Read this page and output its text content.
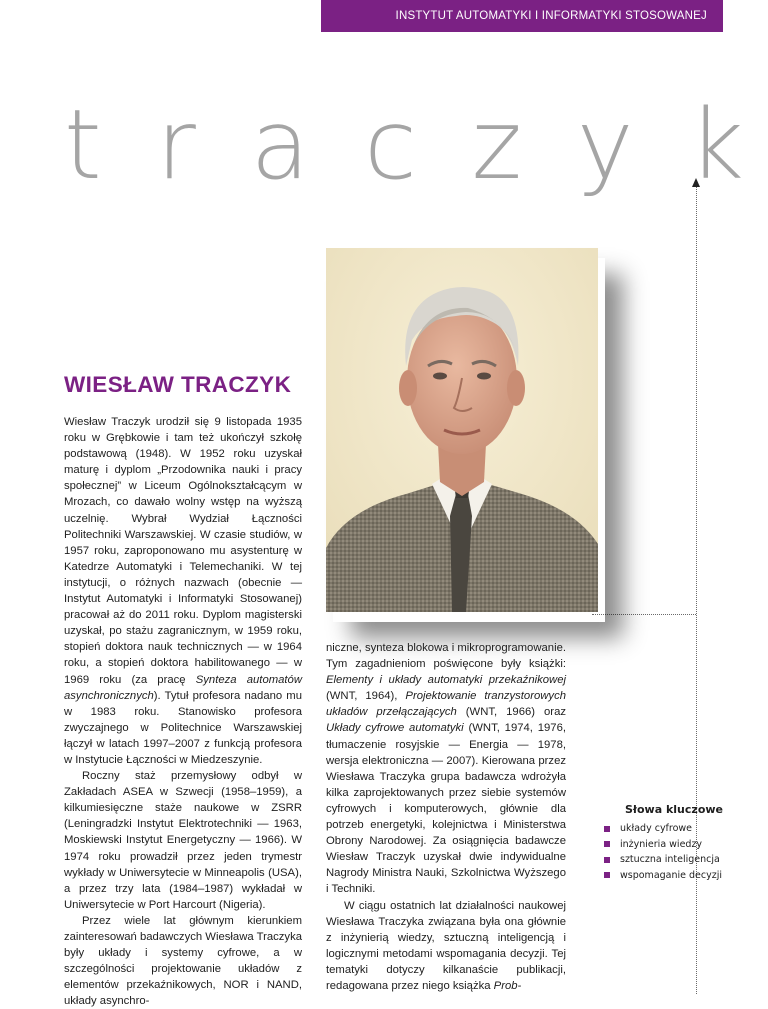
INSTYTUT AUTOMATYKI I INFORMATYKI STOSOWANEJ
t r a c z y k
WIESŁAW TRACZYK

Wiesław Traczyk urodził się 9 listopada 1935 roku w Grębkowie i tam też ukończył szkołę podstawową (1948). W 1952 roku uzyskał maturę i dyplom „Przodownika nauki i pracy społecznej” w Liceum Ogólnokształcącym w Mrozach, co dawało wolny wstęp na wyższą uczelnię. Wybrał Wydział Łączności Politechniki Warszawskiej. W czasie studiów, w 1957 roku, zaproponowano mu asystenturę w Katedrze Automatyki i Telemechaniki. W tej instytucji, o różnych nazwach (obecnie — Instytut Automatyki i Informatyki Stosowanej) pracował aż do 2011 roku. Dyplom magisterski uzyskał, po stażu zagranicznym, w 1959 roku, stopień doktora nauk technicznych — w 1964 roku, a stopień doktora habilitowanego — w 1969 roku (za pracę Synteza automatów asynchronicznych). Tytuł profesora nadano mu w 1983 roku. Stanowisko profesora zwyczajnego w Politechnice Warszawskiej łączył w latach 1997–2007 z funkcją profesora w Instytucie Łączności w Miedzeszynie.

Roczny staż przemysłowy odbył w Zakładach ASEA w Szwecji (1958–1959), a kilkumiesięczne staże naukowe w ZSRR (Leningradzki Instytut Elektrotechniki — 1963, Moskiewski Instytut Energetyczny — 1966). W 1974 roku prowadził przez jeden trymestr wykłady w Uniwersytecie w Minneapolis (USA), a przez trzy lata (1984–1987) wykładał w Uniwersytecie w Port Harcourt (Nigeria).

Przez wiele lat głównym kierunkiem zainteresowań badawczych Wiesława Traczyka były układy i systemy cyfrowe, a w szczególności projektowanie układów z elementów przekaźnikowych, NOR i NAND, układy asynchro-

niczne, synteza blokowa i mikroprogramowanie. Tym zagadnieniom poświęcone były książki: Elementy i układy automatyki przekaźnikowej (WNT, 1964), Projektowanie tranzystorowych układów przełączających (WNT, 1966) oraz Układy cyfrowe automatyki (WNT, 1974, 1976, tłumaczenie rosyjskie — Energia — 1978, wersja elektroniczna — 2007). Kierowana przez Wiesława Traczyka grupa badawcza wdrożyła kilka zaprojektowanych przez siebie systemów cyfrowych i komputerowych, głównie dla potrzeb energetyki, kolejnictwa i Ministerstwa Obrony Narodowej. Za osiągnięcia badawcze Wiesław Traczyk uzyskał dwie indywidualne Nagrody Ministra Nauki, Szkolnictwa Wyższego i Techniki.

W ciągu ostatnich lat działalności naukowej Wiesława Traczyka związana była ona głównie z inżynierią wiedzy, sztuczną inteligencją i logicznymi metodami wspomagania decyzji. Tej tematyki dotyczy kilkanaście publikacji, redagowana przez niego książka Prob-

Słowa kluczowe
układy cyfrowe
inżynieria wiedzy
sztuczna inteligencja
wspomaganie decyzji
